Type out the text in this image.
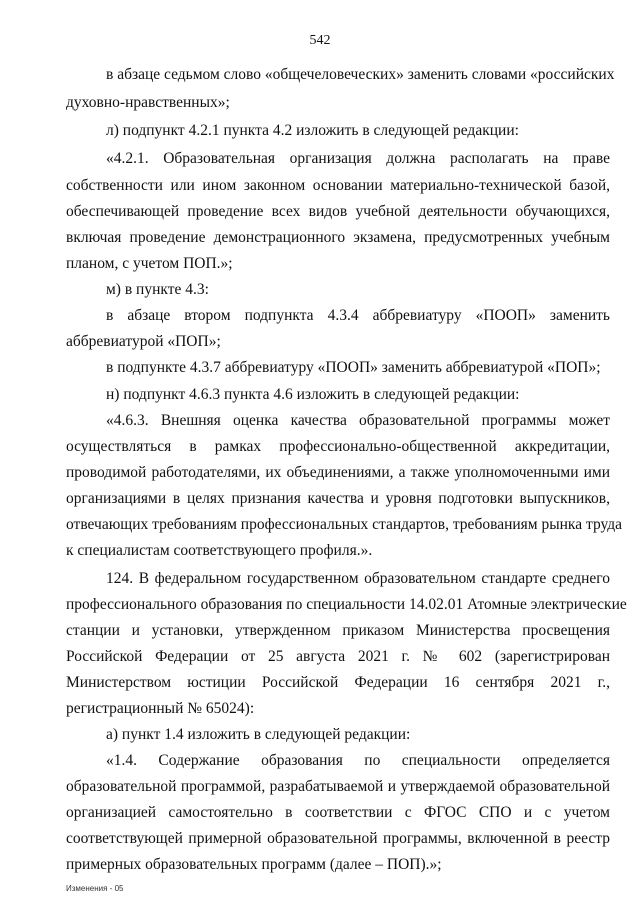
542
в абзаце седьмом слово «общечеловеческих» заменить словами «российских
духовно-нравственных»;
л) подпункт 4.2.1 пункта 4.2 изложить в следующей редакции:
«4.2.1. Образовательная организация должна располагать на праве
собственности или ином законном основании материально-технической базой,
обеспечивающей проведение всех видов учебной деятельности обучающихся,
включая проведение демонстрационного экзамена, предусмотренных учебным
планом, с учетом ПОП.»;
м) в пункте 4.3:
в абзаце втором подпункта 4.3.4 аббревиатуру «ПООП» заменить
аббревиатурой «ПОП»;
в подпункте 4.3.7 аббревиатуру «ПООП» заменить аббревиатурой «ПОП»;
н) подпункт 4.6.3 пункта 4.6 изложить в следующей редакции:
«4.6.3. Внешняя оценка качества образовательной программы может
осуществляться в рамках профессионально-общественной аккредитации,
проводимой работодателями, их объединениями, а также уполномоченными ими
организациями в целях признания качества и уровня подготовки выпускников,
отвечающих требованиям профессиональных стандартов, требованиям рынка труда
к специалистам соответствующего профиля.».
124. В федеральном государственном образовательном стандарте среднего
профессионального образования по специальности 14.02.01 Атомные электрические
станции и установки, утвержденном приказом Министерства просвещения
Российской Федерации от 25 августа 2021 г. № 602 (зарегистрирован
Министерством юстиции Российской Федерации 16 сентября 2021 г.,
регистрационный № 65024):
а) пункт 1.4 изложить в следующей редакции:
«1.4. Содержание образования по специальности определяется
образовательной программой, разрабатываемой и утверждаемой образовательной
организацией самостоятельно в соответствии с ФГОС СПО и с учетом
соответствующей примерной образовательной программы, включенной в реестр
примерных образовательных программ (далее – ПОП).»;
Изменения - 05
